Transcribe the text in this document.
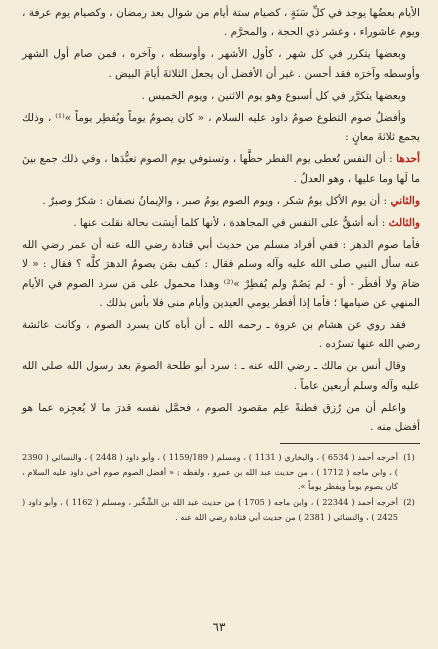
الأيام بعضُها يوجد في كلِّ سَنَةٍ ، كصيام ستة أيام من شوال بعد رمضان ، وكصيام يوم عرفة ، ويوم عاشوراء ، وعشر ذي الحجة ، والمحرَّم .

وبعضها يتكرر في كل شهر ، كأول الأشهر ، وأوسطه ، وآخره ، فمن صام أول الشهر وأوسطه وآخرَه فقد أحسن . غير أن الأفضل أن يجعل الثلاثةَ أيامَ البيض .

وبعضها يتكرَّر في كل أسبوع وهو يوم الاثنين ، ويوم الخميس .

وأفضلُ صوم التطوع صومُ داود عليه السلام ، « كان يصومُ يوماً ويُفطِر يوماً »⁽¹⁾ ، وذلك يجمع ثلاثةَ معانٍ :

أحدها : أن النفس تُعطى يوم الفطر حظَّها ، وتستوفي يوم الصوم تعبُّدَها ، وفي ذلك جمع بينَ ما لَها وما عليها ، وهو العدلُ .

والثاني : أن يوم الأكل يومُ شكر ، ويوم الصوم يومُ صبر ، والإيمانُ نصفان : شكرٌ وصبرٌ .

والثالث : أنه أشقُّ على النفس في المجاهدة ، لأنها كلما أنِسَت بحالة نقلت عنها .

فأما صوم الدهر : ففي أفراد مسلم من حديث أبي قتادة رضي الله عنه أن عمر رضي الله عنه سأل النبي صلى الله عليه وآله وسلم فقال : كيف بمَن يصومُ الدهرَ كلَّه ؟ فقال : « لا صَامَ ولا أفطَر - أو - لم يَصُمْ ولم يُفطِرْ »⁽²⁾ وهذا محمول على مَن سرد الصوم في الأيام المنهي عن صيامها ؛ فأما إذا أفطر يومي العيدين وأيام منى فلا بأس بذلك .

فقد روي عن هشام بن عروة ـ رحمه الله ـ أن أباه كان يسرد الصوم ، وكانت عائشة رضي الله عنها تسرُده .

وقال أنس بن مالك ـ رضي الله عنه ـ : سرد أبو طلحة الصومَ بعد رسول الله صلى الله عليه وآله وسلم أربعين عاماً .

واعلم أن من رُزق فطنةً علِم مقصود الصوم ، فحمَّل نفسه قدرَ ما لا يُعجِزه عما هو أفضل منه .

(1)
أخرجه أحمد ( 6534 ) ، والبخاري ( 1131 ) ، ومسلم ( 1159/189 ) ، وأبو داود ( 2448 ) ، والنسائي ( 2390 ) ، وابن ماجه ( 1712 ) ، من حديث عبد الله بن عمرو ، ولفظه : « أفضل الصوم صوم أخي داود عليه السلام ، كان يصوم يوماً ويفطر يوماً ».
(2)
أخرجه أحمد ( 22344 ) ، وابن ماجه ( 1705 ) من حديث عبد الله بن الشِّخِّير ، ومسلم ( 1162 ) ، وأبو داود ( 2425 ) ، والنسائي ( 2381 ) من حديث أبي قتادة رضي الله عنه .
٦٣
